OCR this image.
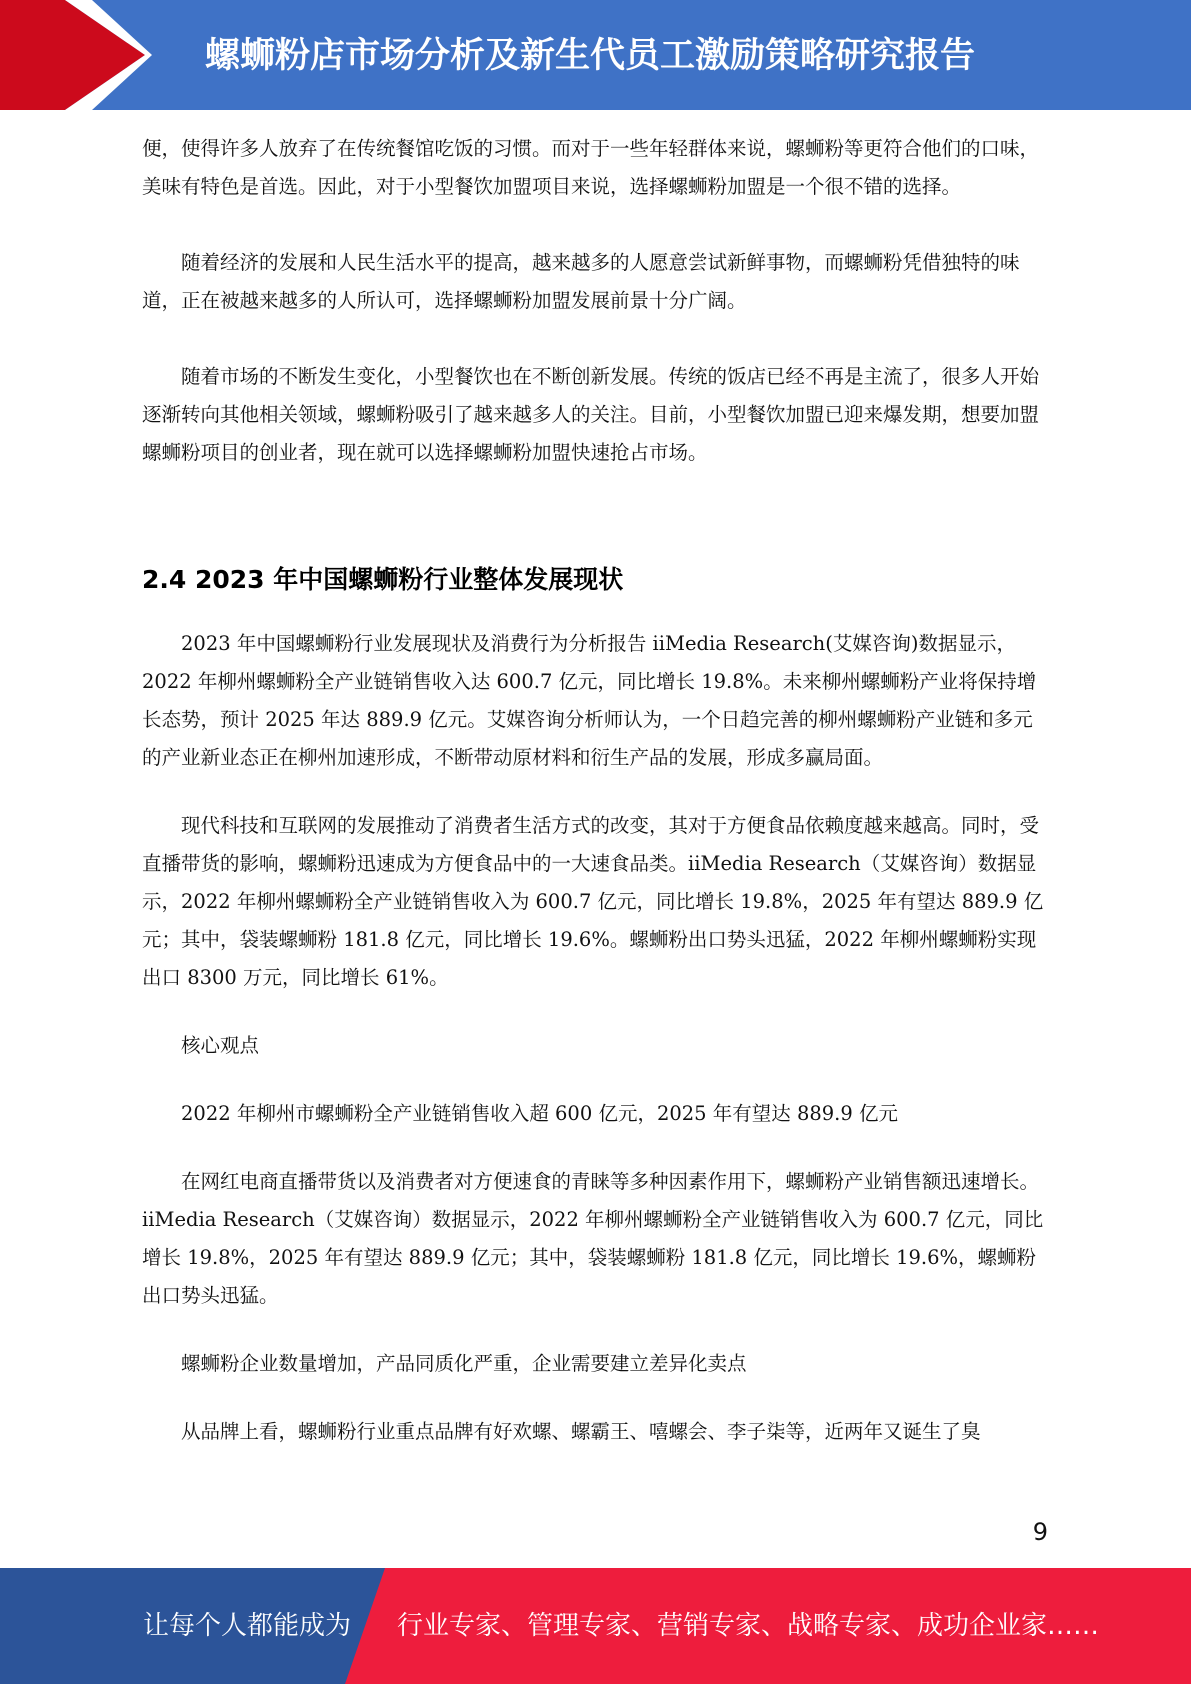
螺蛳粉店市场分析及新生代员工激励策略研究报告

便，使得许多人放弃了在传统餐馆吃饭的习惯。而对于一些年轻群体来说，螺蛳粉等更符合他们的口味，美味有特色是首选。因此，对于小型餐饮加盟项目来说，选择螺蛳粉加盟是一个很不错的选择。

随着经济的发展和人民生活水平的提高，越来越多的人愿意尝试新鲜事物，而螺蛳粉凭借独特的味道，正在被越来越多的人所认可，选择螺蛳粉加盟发展前景十分广阔。

随着市场的不断发生变化，小型餐饮也在不断创新发展。传统的饭店已经不再是主流了，很多人开始逐渐转向其他相关领域，螺蛳粉吸引了越来越多人的关注。目前，小型餐饮加盟已迎来爆发期，想要加盟螺蛳粉项目的创业者，现在就可以选择螺蛳粉加盟快速抢占市场。

2.4 2023 年中国螺蛳粉行业整体发展现状

2023 年中国螺蛳粉行业发展现状及消费行为分析报告 iiMedia Research(艾媒咨询)数据显示，2022 年柳州螺蛳粉全产业链销售收入达 600.7 亿元，同比增长 19.8%。未来柳州螺蛳粉产业将保持增长态势，预计 2025 年达 889.9 亿元。艾媒咨询分析师认为，一个日趋完善的柳州螺蛳粉产业链和多元的产业新业态正在柳州加速形成，不断带动原材料和衍生产品的发展，形成多赢局面。

现代科技和互联网的发展推动了消费者生活方式的改变，其对于方便食品依赖度越来越高。同时，受直播带货的影响，螺蛳粉迅速成为方便食品中的一大速食品类。iiMedia Research（艾媒咨询）数据显示，2022 年柳州螺蛳粉全产业链销售收入为 600.7 亿元，同比增长 19.8%，2025 年有望达 889.9 亿元；其中，袋装螺蛳粉 181.8 亿元，同比增长 19.6%。螺蛳粉出口势头迅猛，2022 年柳州螺蛳粉实现出口 8300 万元，同比增长 61%。

核心观点

2022 年柳州市螺蛳粉全产业链销售收入超 600 亿元，2025 年有望达 889.9 亿元

在网红电商直播带货以及消费者对方便速食的青睐等多种因素作用下，螺蛳粉产业销售额迅速增长。iiMedia Research（艾媒咨询）数据显示，2022 年柳州螺蛳粉全产业链销售收入为 600.7 亿元，同比增长 19.8%，2025 年有望达 889.9 亿元；其中，袋装螺蛳粉 181.8 亿元，同比增长 19.6%，螺蛳粉出口势头迅猛。

螺蛳粉企业数量增加，产品同质化严重，企业需要建立差异化卖点

从品牌上看，螺蛳粉行业重点品牌有好欢螺、螺霸王、嘻螺会、李子柒等，近两年又诞生了臭

9
让每个人都能成为 行业专家、管理专家、营销专家、战略专家、成功企业家……
